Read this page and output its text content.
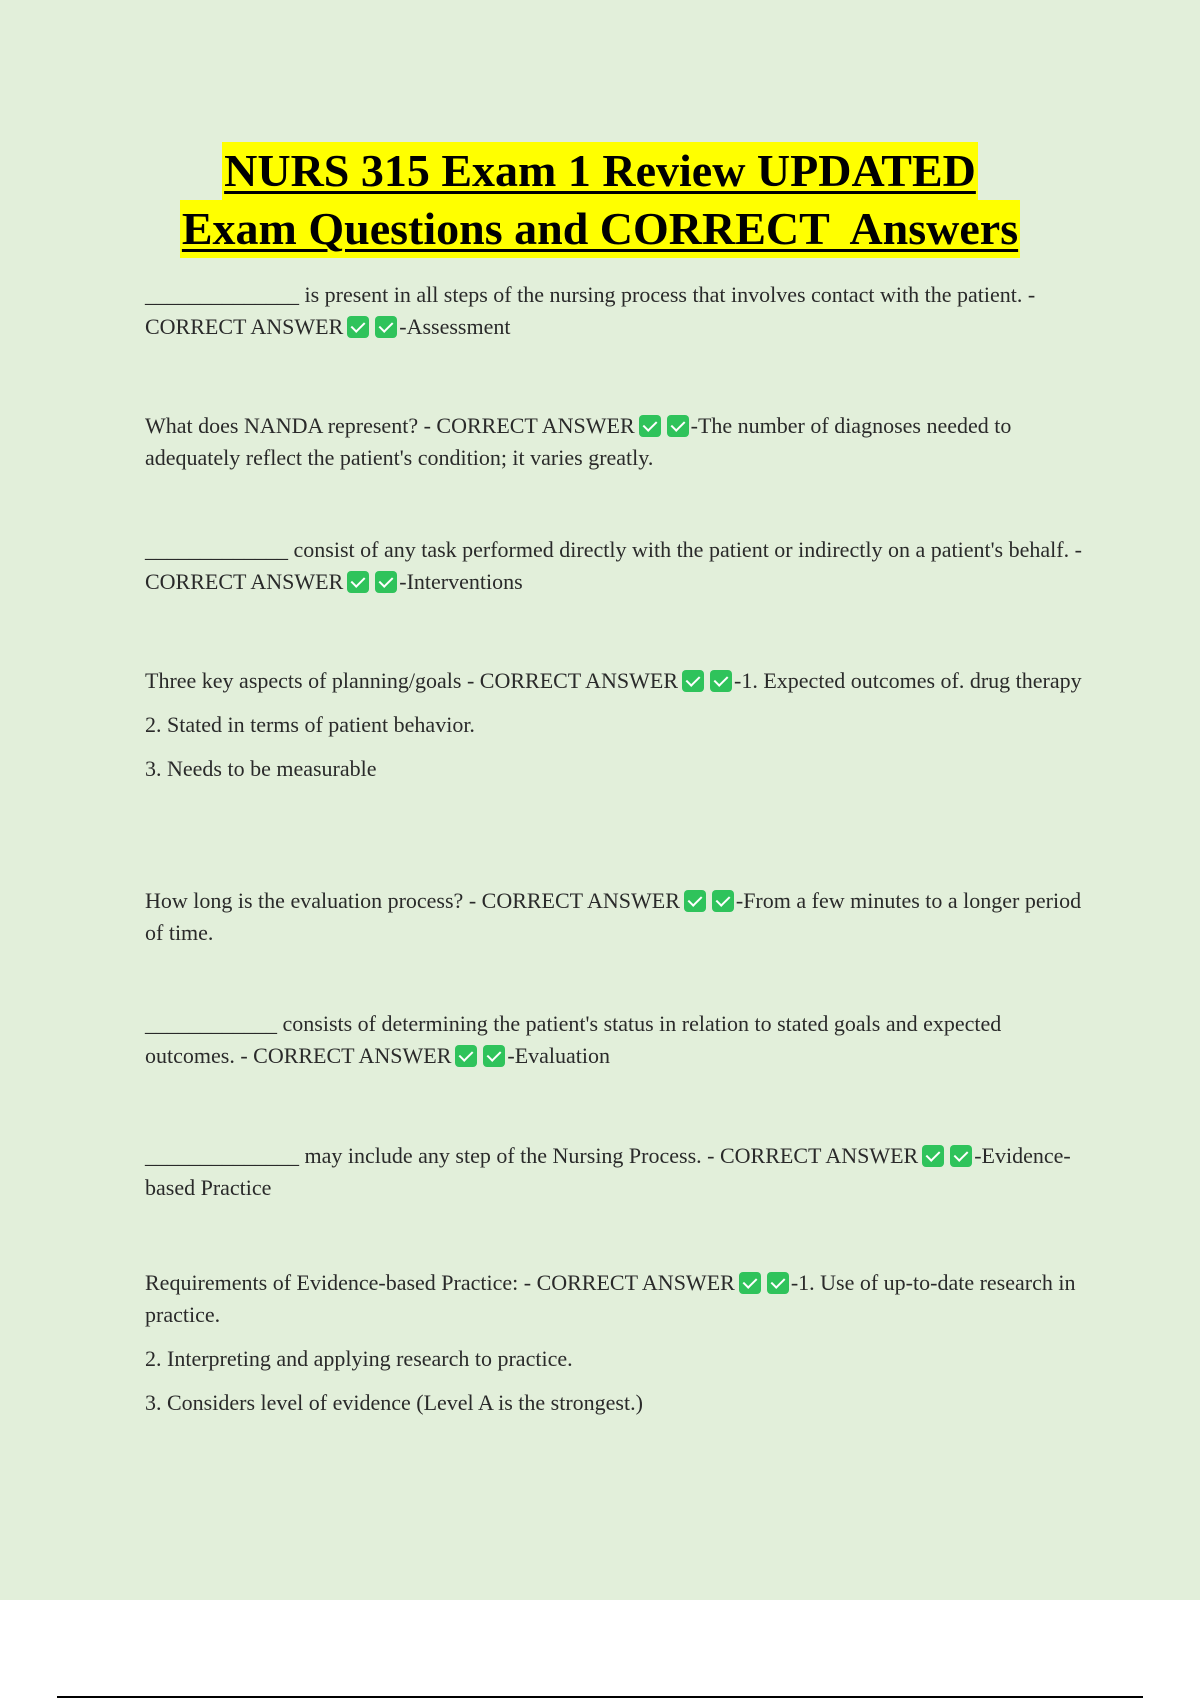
NURS 315 Exam 1 Review UPDATED
Exam Questions and CORRECT  Answers

______________ is present in all steps of the nursing process that involves contact with the patient. - CORRECT ANSWER	-Assessment

What does NANDA represent? - CORRECT ANSWER	-The number of diagnoses needed to adequately reflect the patient's condition; it varies greatly.

_____________ consist of any task performed directly with the patient or indirectly on a patient's behalf. - CORRECT ANSWER	-Interventions

Three key aspects of planning/goals - CORRECT ANSWER	-1. Expected outcomes of. drug therapy

2. Stated in terms of patient behavior.

3. Needs to be measurable

How long is the evaluation process? - CORRECT ANSWER	-From a few minutes to a longer period of time.

____________ consists of determining the patient's status in relation to stated goals and expected outcomes. - CORRECT ANSWER	-Evaluation

______________ may include any step of the Nursing Process. - CORRECT ANSWER	-Evidence-based Practice

Requirements of Evidence-based Practice: - CORRECT ANSWER	-1. Use of up-to-date research in practice.

2. Interpreting and applying research to practice.

3. Considers level of evidence (Level A is the strongest.)
